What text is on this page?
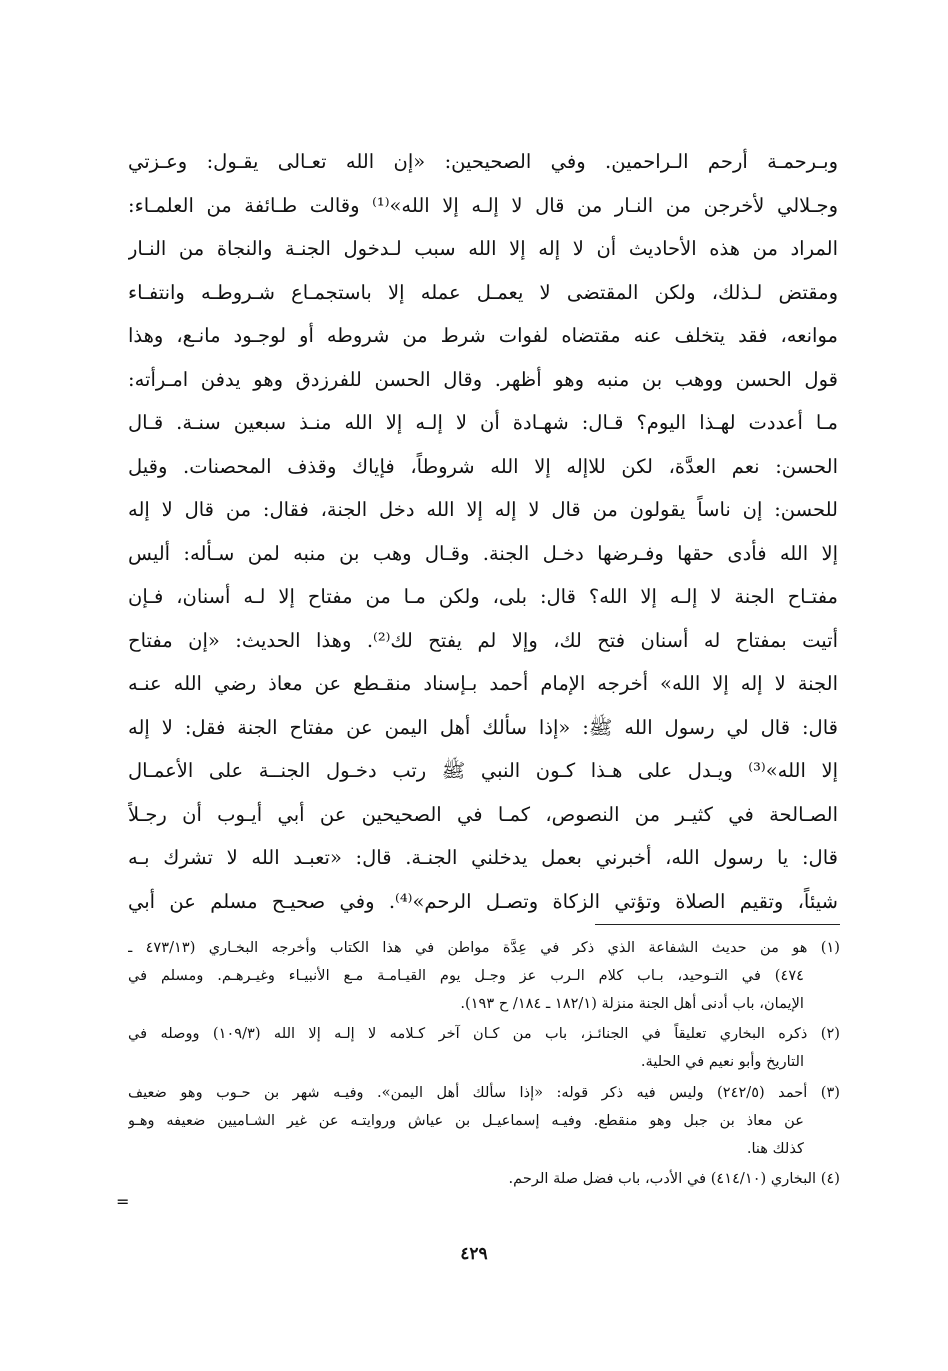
وبـرحمـة أرحم الـراحمين. وفي الصحيحين: «إن الله تعـالى يقـول: وعـزتي
وجـلالي لأخرجن من النـار من قال لا إلـه إلا الله»⁽¹⁾ وقالت طـائفة من العلمـاء:
المراد من هذه الأحاديث أن لا إله إلا الله سبب لـدخول الجنـة والنجاة من النـار
ومقتض لـذلك، ولكن المقتضى لا يعمـل عمله إلا باستجمـاع شـروطـه وانتفـاء
موانعه، فقد يتخلف عنه مقتضاه لفوات شرط من شروطه أو لوجـود مانـع، وهذا
قول الحسن ووهب بن منبه وهو أظهر. وقال الحسن للفرزدق وهو يدفن امـرأته:
مـا أعددت لهـذا اليوم؟ قـال: شهـادة أن لا إلـه إلا الله منـذ سبعين سنـة. قـال
الحسن: نعم العدَّة، لكن للاإله إلا الله شروطاً، فإياك وقذف المحصنات. وقيل
للحسن: إن ناساً يقولون من قال لا إله إلا الله دخل الجنة، فقال: من قال لا إله
إلا الله فأدى حقها وفـرضها دخـل الجنة. وقـال وهب بن منبه لمن سـأله: أليس
مفتـاح الجنة لا إلـه إلا الله؟ قال: بلى، ولكن مـا من مفتاح إلا لـه أسنان، فـإن
أتيت بمفتاح له أسنان فتح لك، وإلا لم يفتح لك⁽²⁾. وهذا الحديث: «إن مفتاح
الجنة لا إله إلا الله» أخرجه الإمام أحمد بـإسناد منقـطع عن معاذ رضي الله عنـه
قال: قال لي رسول الله ﷺ: «إذا سألك أهل اليمن عن مفتاح الجنة فقل: لا إله
إلا الله»⁽³⁾ ويـدل على هـذا كـون النبي ﷺ رتب دخـول الجنــة على الأعمـال
الصـالحة في كثيـر من النصوص، كمـا في الصحيحين عن أبي أيـوب أن رجـلاً
قال: يا رسول الله، أخبرني بعمل يدخلني الجنـة. قال: «تعبـد الله لا تشرك بـه
شيئاً، وتقيم الصلاة وتؤتي الزكاة وتصـل الرحم»⁽⁴⁾. وفي صحيـح مسلم عن أبي
(١) هو من حديث الشفاعة الذي ذكر في عِدَّة مواطن في هذا الكتاب وأخرجه البخـاري (٤٧٣/١٣ ـ
٤٧٤) في التـوحيد، بـاب كلام الـرب عز وجـل يوم القيـامـة مـع الأنبيـاء وغيـرهـم. ومسلم في
الإيمان، باب أدنى أهل الجنة منزلة (١٨٢/١ ـ ١٨٤/ ح ١٩٣).
(٢) ذكره البخاري تعليقاً في الجنائـز، باب من كـان آخر كـلامه لا إلـه إلا الله (١٠٩/٣) ووصله في
التاريخ وأبو نعيم في الحلية.
(٣) أحمد (٢٤٢/٥) وليس فيه ذكر قوله: «إذا سألك أهل اليمن». وفيـه شهر بن حـوب وهو ضعيف
عن معاذ بن جبل وهو منقطع. وفيـه إسماعيـل بن عياش وروايتـه عن غير الشـاميين ضعيفه وهـو
كذلك هنا.
(٤) البخاري (٤١٤/١٠) في الأدب، باب فضل صلة الرحم.
=
٤٢٩
